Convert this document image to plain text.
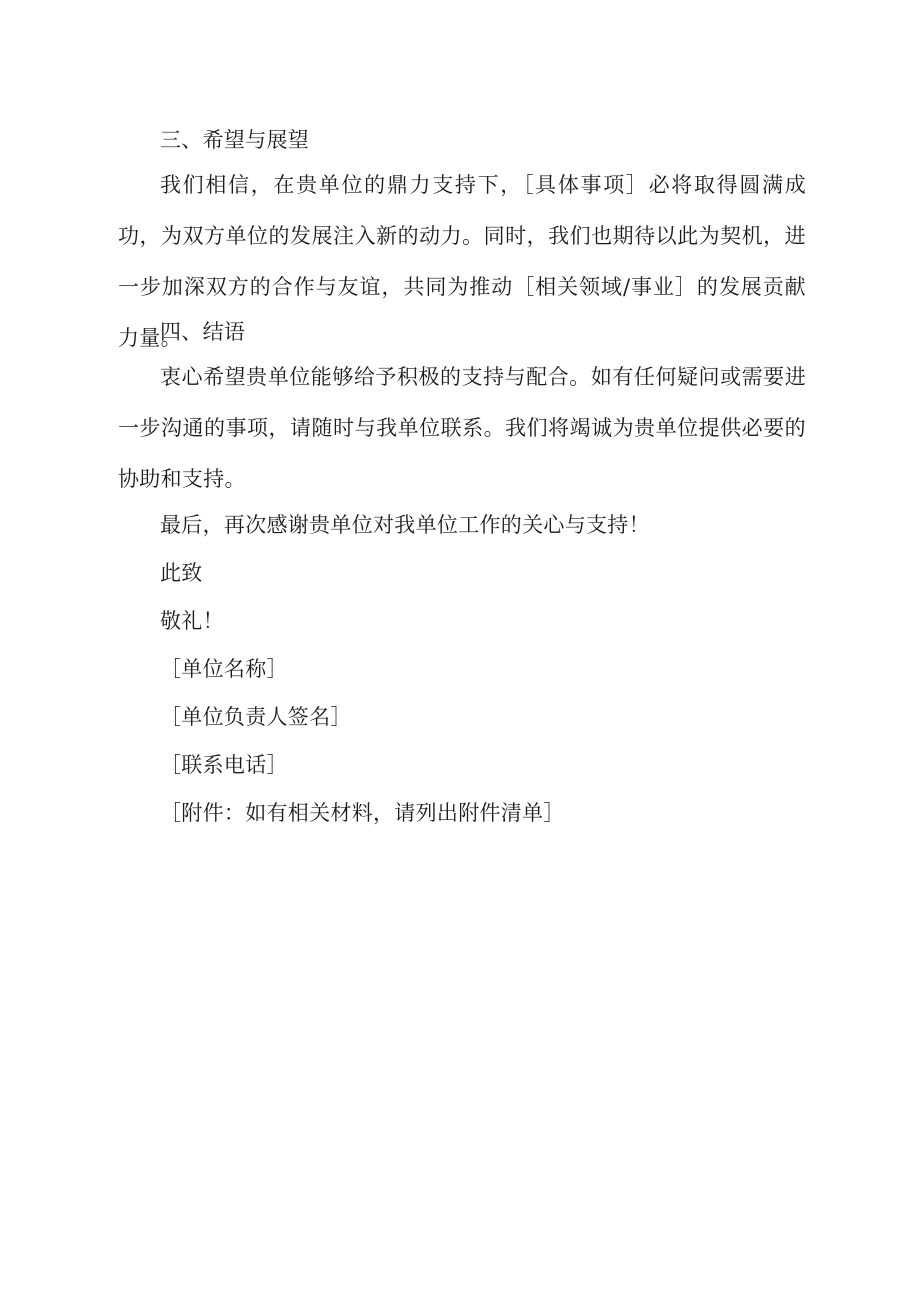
三、希望与展望
我们相信，在贵单位的鼎力支持下，［具体事项］必将取得圆满成功，为双方单位的发展注入新的动力。同时，我们也期待以此为契机，进一步加深双方的合作与友谊，共同为推动［相关领域/事业］的发展贡献力量。
四、结语
衷心希望贵单位能够给予积极的支持与配合。如有任何疑问或需要进一步沟通的事项，请随时与我单位联系。我们将竭诚为贵单位提供必要的协助和支持。
最后，再次感谢贵单位对我单位工作的关心与支持！
此致
敬礼！
［单位名称］
［单位负责人签名］
［联系电话］
［附件：如有相关材料，请列出附件清单］
